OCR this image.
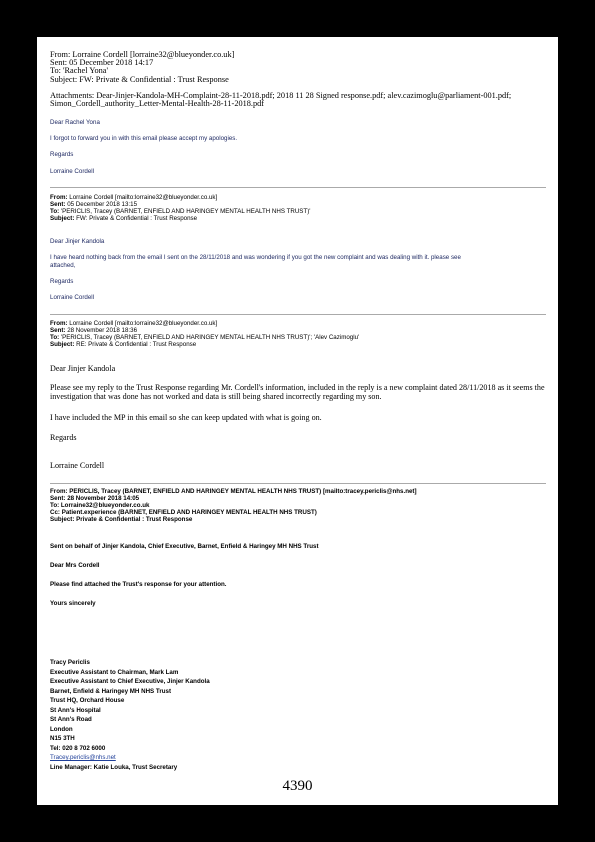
From: Lorraine Cordell [lorraine32@blueyonder.co.uk]
Sent: 05 December 2018 14:17
To: 'Rachel Yona'
Subject: FW: Private & Confidential : Trust Response
Attachments: Dear-Jinjer-Kandola-MH-Complaint-28-11-2018.pdf; 2018 11 28 Signed response.pdf; alev.cazimoglu@parliament-001.pdf; Simon_Cordell_authority_Letter-Mental-Health-28-11-2018.pdf
Dear Rachel Yona
I forgot to forward you in with this email please accept my apologies.
Regards
Lorraine Cordell
From: Lorraine Cordell [mailto:lorraine32@blueyonder.co.uk]
Sent: 05 December 2018 13:15
To: 'PERICLIS, Tracey (BARNET, ENFIELD AND HARINGEY MENTAL HEALTH NHS TRUST)'
Subject: FW: Private & Confidential : Trust Response
Dear Jinjer Kandola
I have heard nothing back from the email I sent on the 28/11/2018 and was wondering if you got the new complaint and was dealing with it. please see
attached,
Regards
Lorraine Cordell
From: Lorraine Cordell [mailto:lorraine32@blueyonder.co.uk]
Sent: 28 November 2018 18:36
To: 'PERICLIS, Tracey (BARNET, ENFIELD AND HARINGEY MENTAL HEALTH NHS TRUST)'; 'Alev Cazimoglu'
Subject: RE: Private & Confidential : Trust Response
Dear Jinjer Kandola
Please see my reply to the Trust Response regarding Mr. Cordell's information, included in the reply is a new complaint dated 28/11/2018 as it seems the investigation that was done has not worked and data is still being shared incorrectly regarding my son.
I have included the MP in this email so she can keep updated with what is going on.
Regards
Lorraine Cordell
From: PERICLIS, Tracey (BARNET, ENFIELD AND HARINGEY MENTAL HEALTH NHS TRUST) [mailto:tracey.periclis@nhs.net]
Sent: 28 November 2018 14:05
To: Lorraine32@blueyonder.co.uk
Cc: Patient.experience (BARNET, ENFIELD AND HARINGEY MENTAL HEALTH NHS TRUST)
Subject: Private & Confidential : Trust Response
Sent on behalf of Jinjer Kandola, Chief Executive, Barnet, Enfield & Haringey MH NHS Trust
Dear Mrs Cordell
Please find attached the Trust's response for your attention.
Yours sincerely
Tracy Periclis
Executive Assistant to Chairman, Mark Lam
Executive Assistant to Chief Executive, Jinjer Kandola
Barnet, Enfield & Haringey MH NHS Trust
Trust HQ, Orchard House
St Ann's Hospital
St Ann's Road
London
N15 3TH
Tel: 020 8 702 6000
Tracey.periclis@nhs.net
Line Manager: Katie Louka, Trust Secretary
4390
